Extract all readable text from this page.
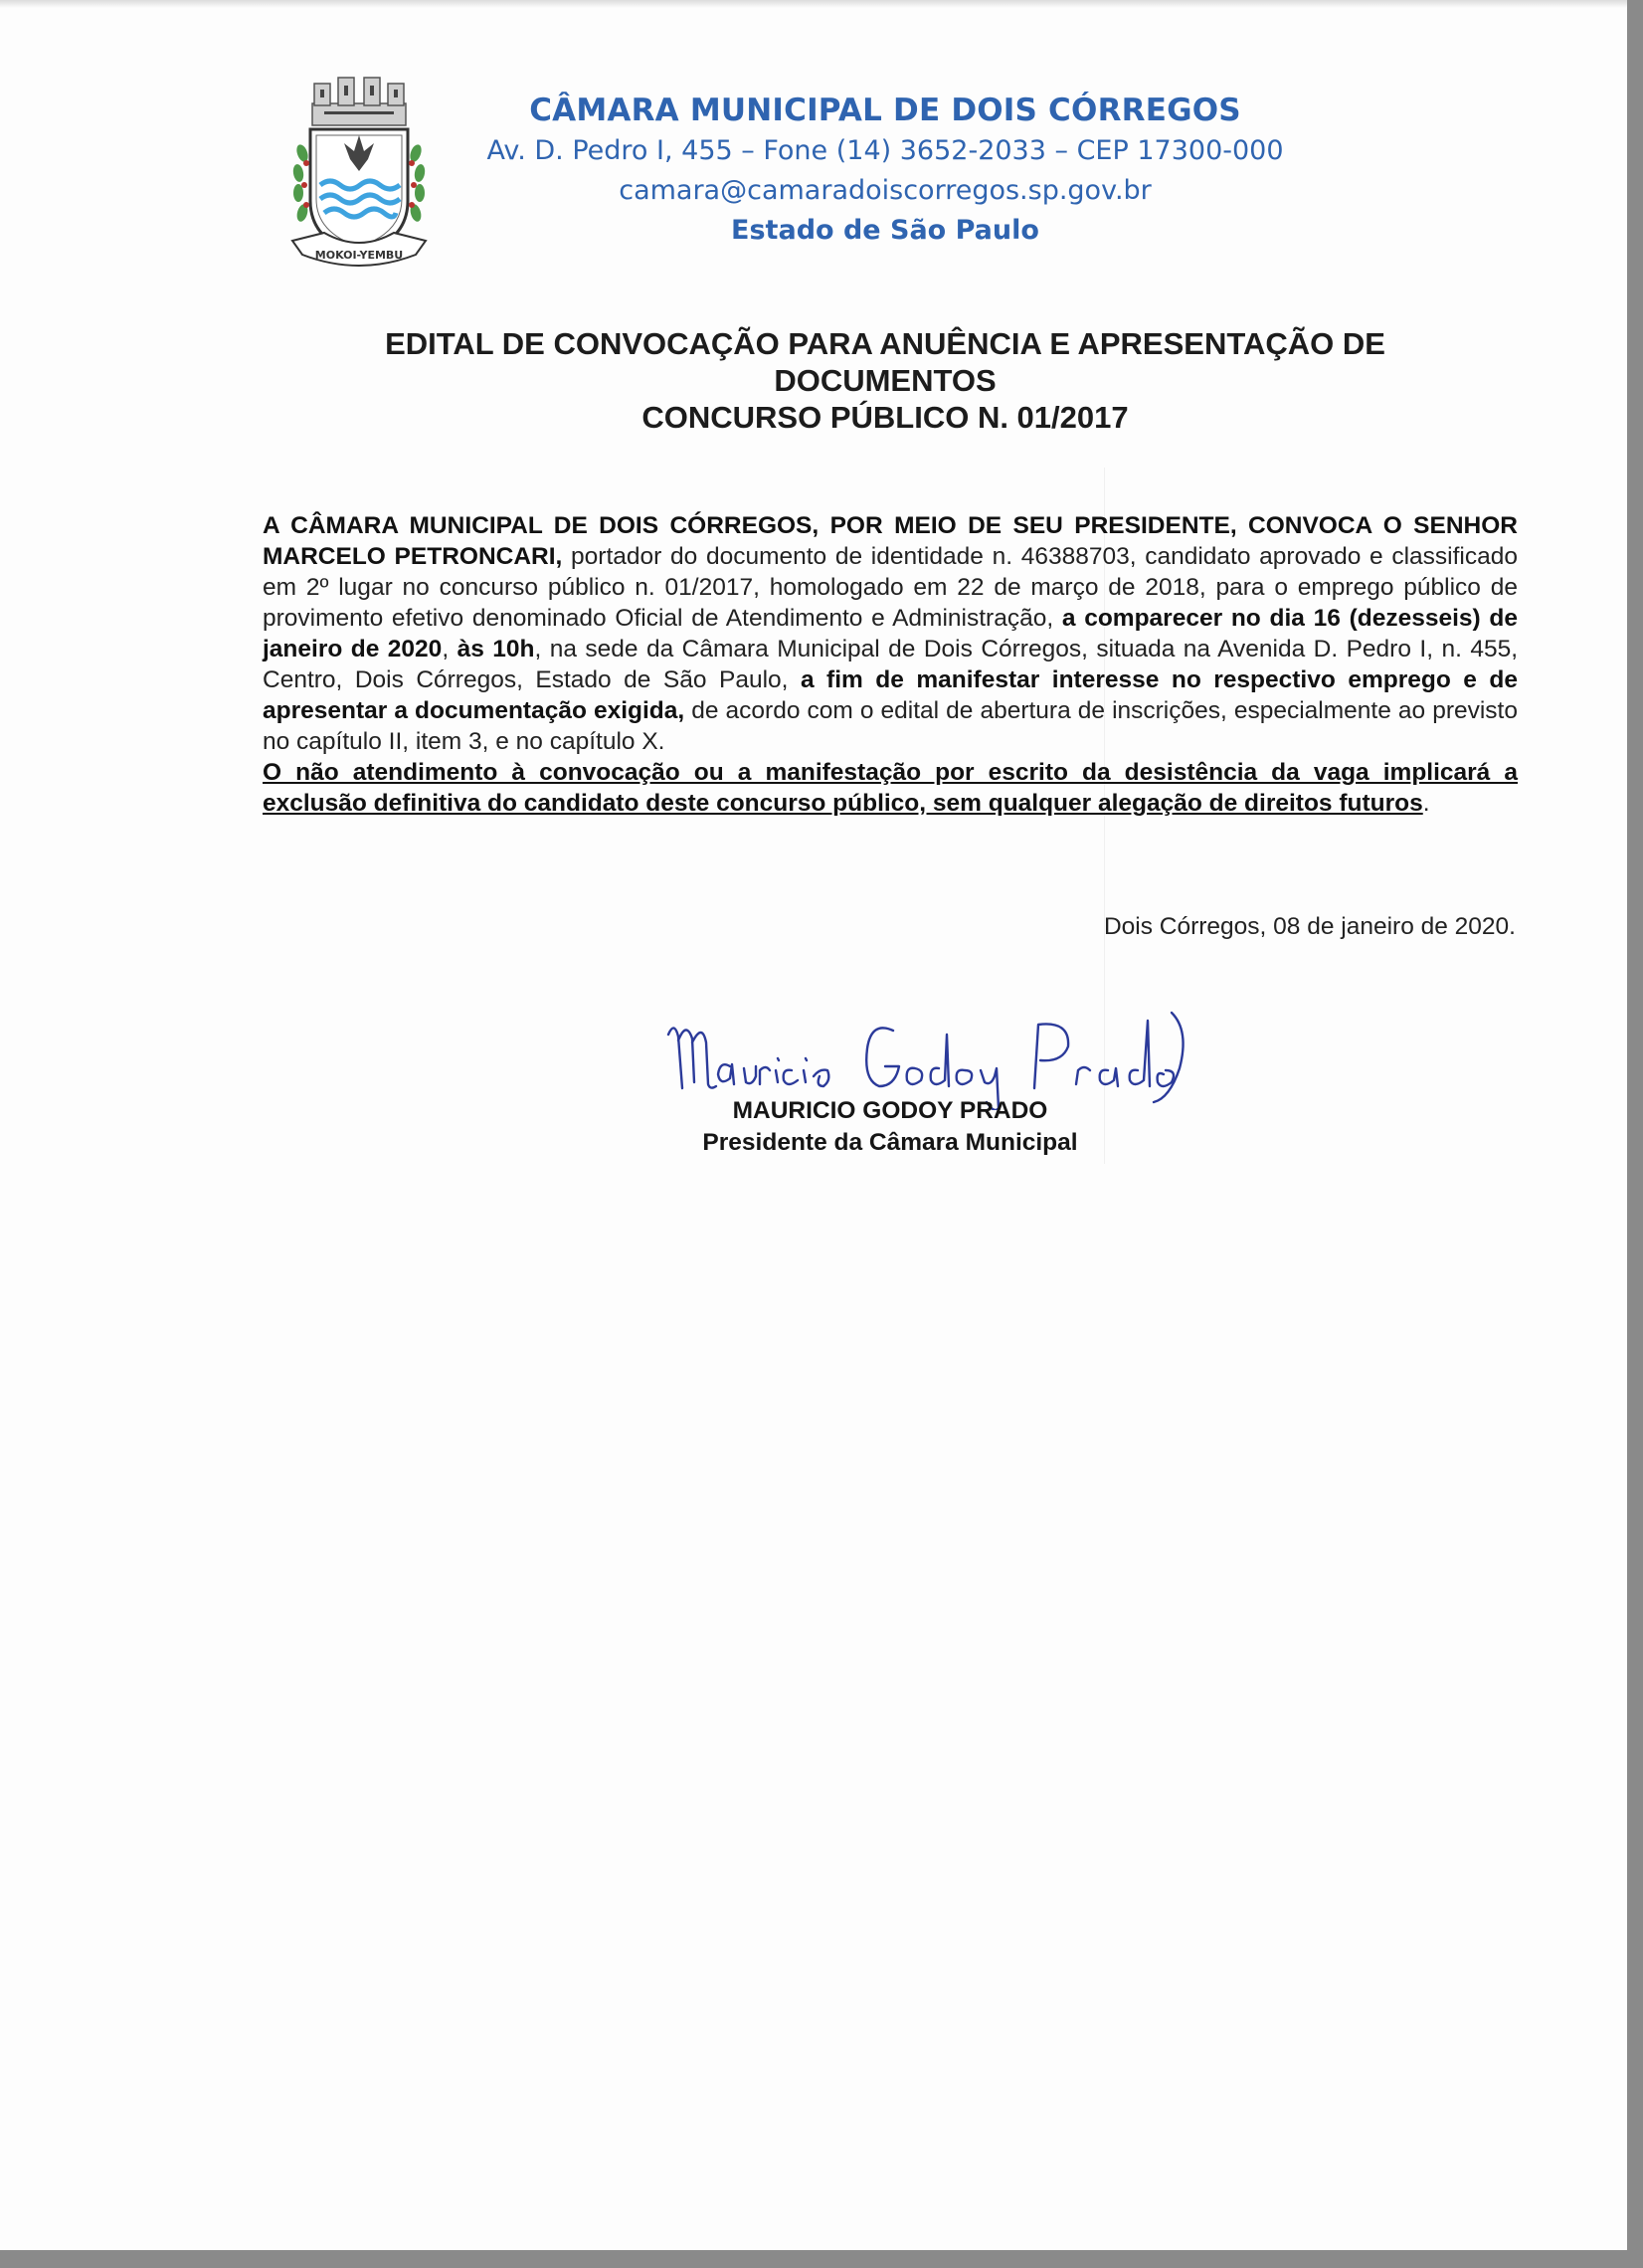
MOKOI-YEMBU
CÂMARA MUNICIPAL DE DOIS CÓRREGOS
Av. D. Pedro I, 455 – Fone (14) 3652-2033 – CEP 17300-000
camara@camaradoiscorregos.sp.gov.br
Estado de São Paulo
EDITAL DE CONVOCAÇÃO PARA ANUÊNCIA E APRESENTAÇÃO DE
DOCUMENTOS
CONCURSO PÚBLICO N. 01/2017
A CÂMARA MUNICIPAL DE DOIS CÓRREGOS, POR MEIO DE SEU PRESIDENTE, CONVOCA O SENHOR MARCELO PETRONCARI, portador do documento de identidade n. 46388703, candidato aprovado e classificado em 2º lugar no concurso público n. 01/2017, homologado em 22 de março de 2018, para o emprego público de provimento efetivo denominado Oficial de Atendimento e Administração, a comparecer no dia 16 (dezesseis) de janeiro de 2020, às 10h, na sede da Câmara Municipal de Dois Córregos, situada na Avenida D. Pedro I, n. 455, Centro, Dois Córregos, Estado de São Paulo, a fim de manifestar interesse no respectivo emprego e de apresentar a documentação exigida, de acordo com o edital de abertura de inscrições, especialmente ao previsto no capítulo II, item 3, e no capítulo X.
O não atendimento à convocação ou a manifestação por escrito da desistência da vaga implicará a exclusão definitiva do candidato deste concurso público, sem qualquer alegação de direitos futuros.
Dois Córregos, 08 de janeiro de 2020.
MAURICIO GODOY PRADO
Presidente da Câmara Municipal
